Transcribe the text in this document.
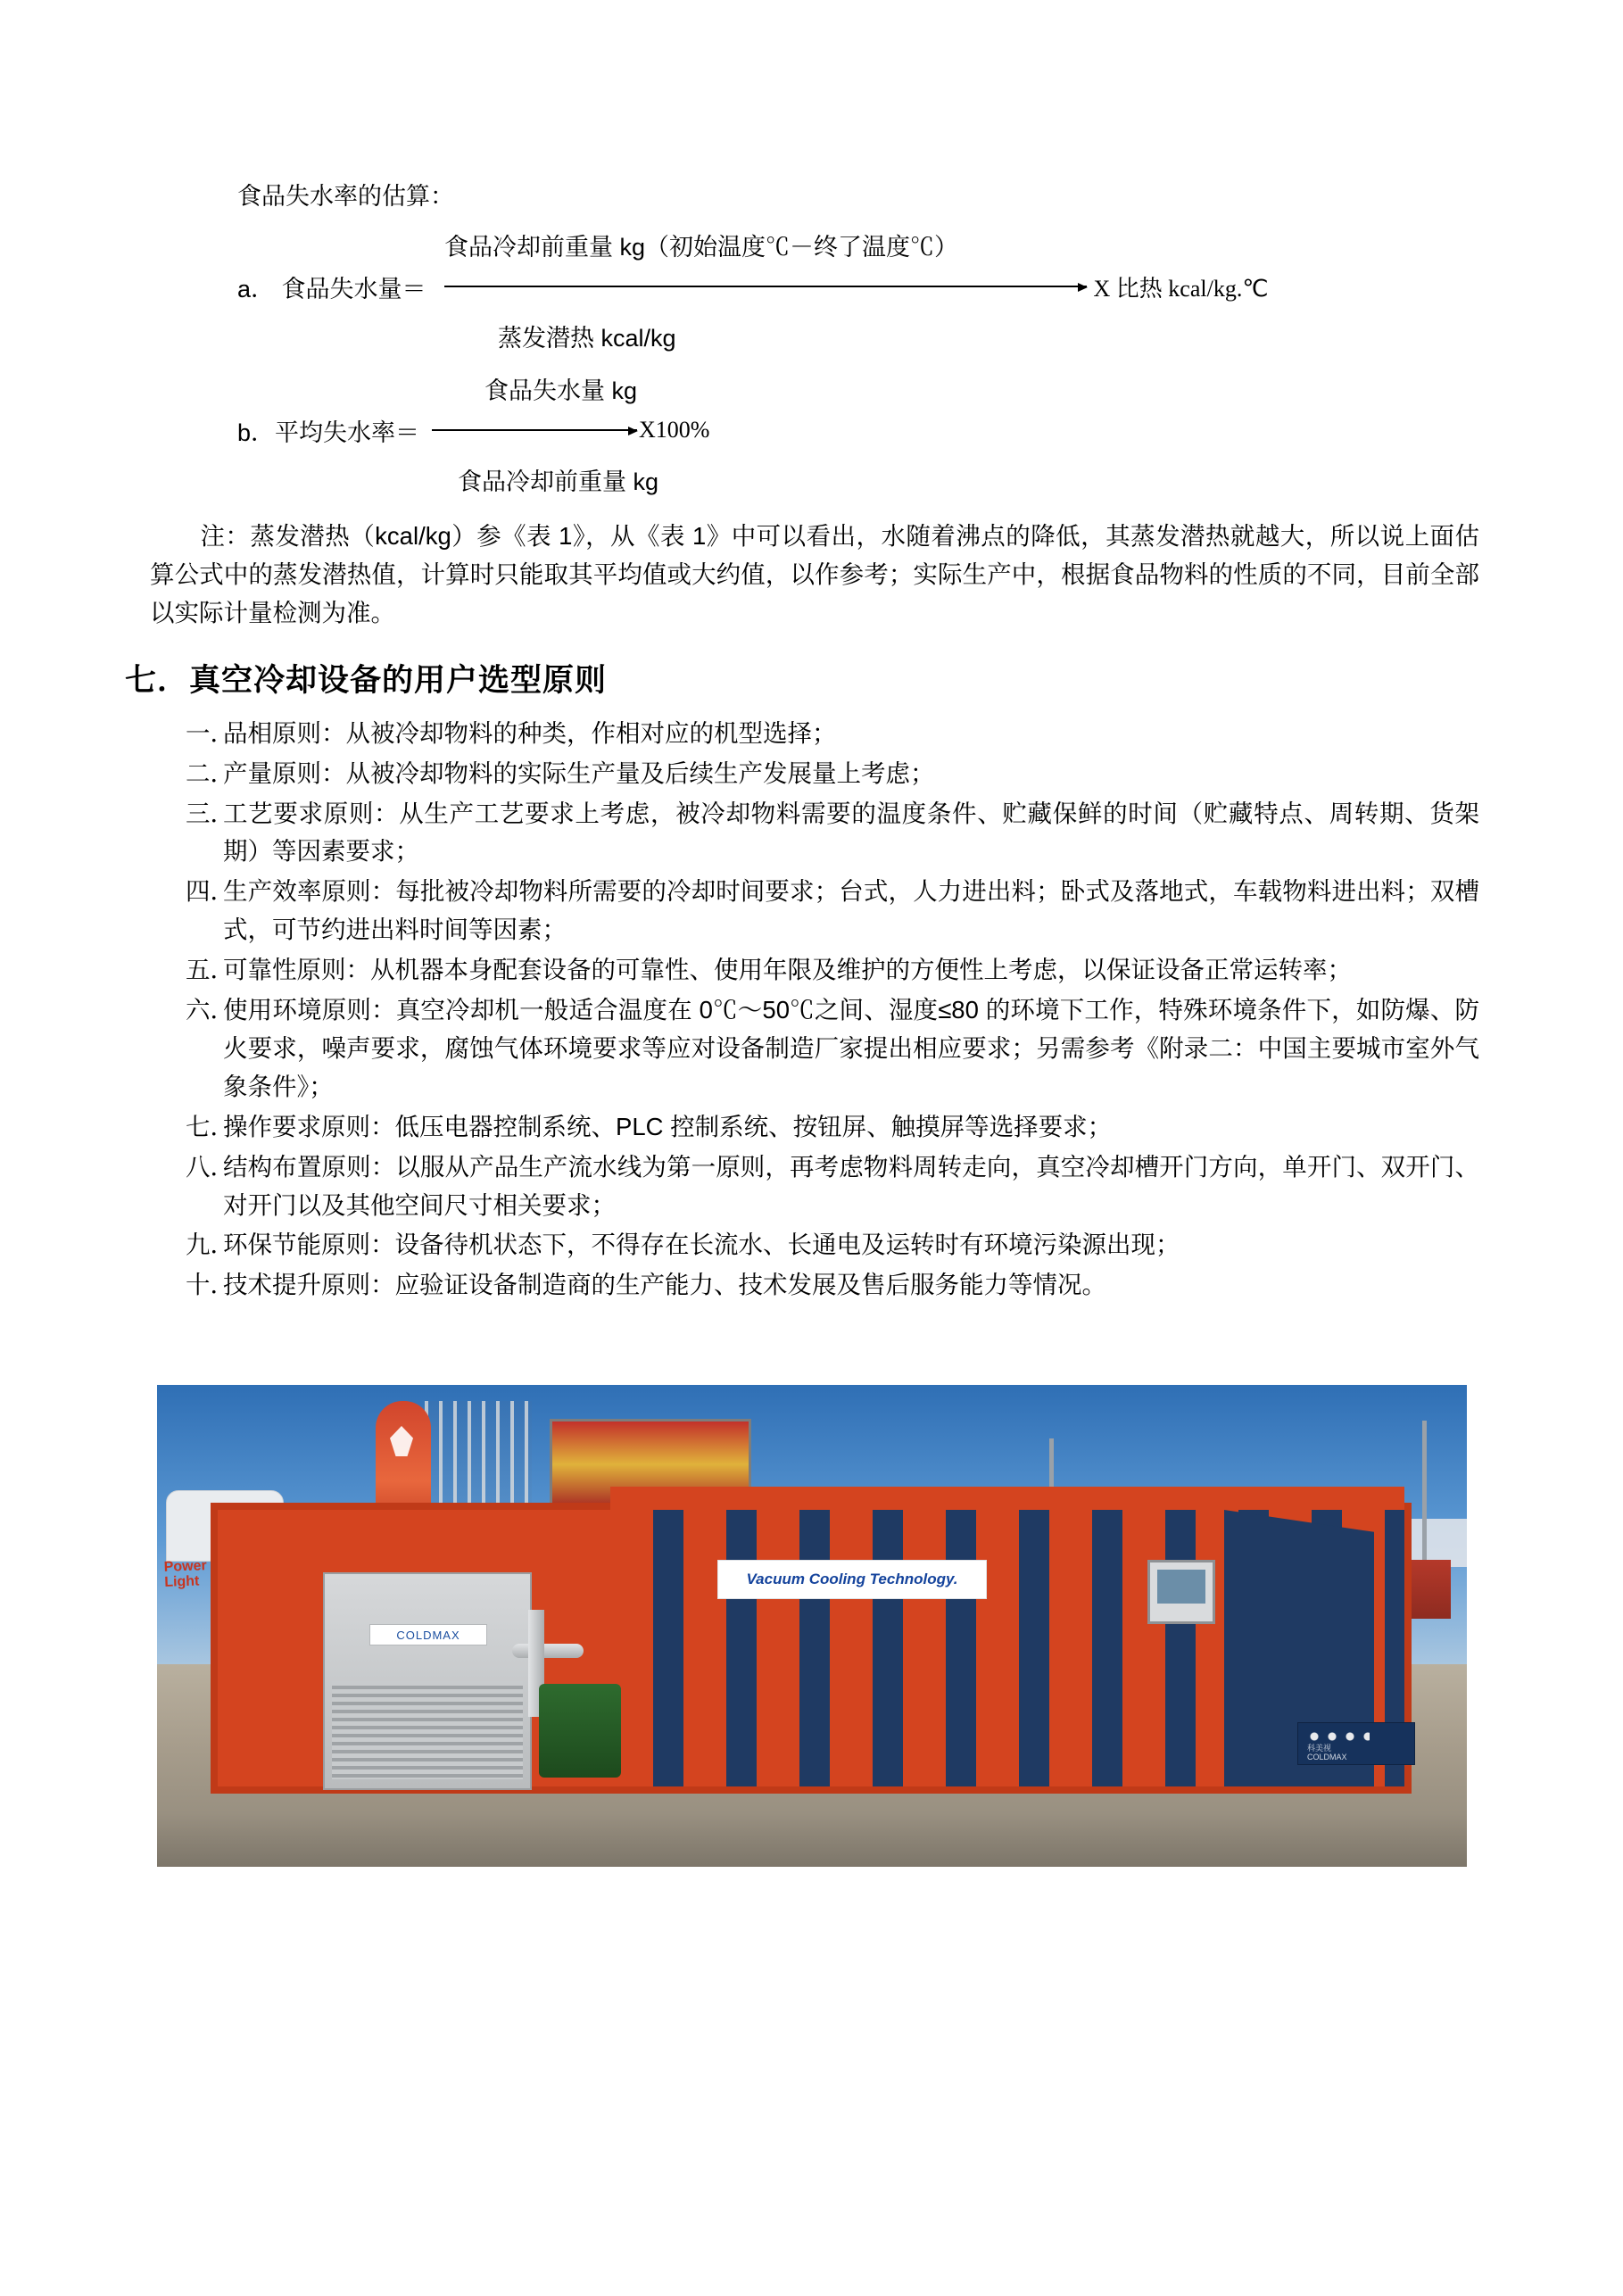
食品失水率的估算：
食品冷却前重量 kg（初始温度℃－终了温度℃）
a． 食品失水量＝	X 比热 kcal/kg.℃
蒸发潜热 kcal/kg
食品失水量 kg
b．平均失水率＝	X100%
食品冷却前重量 kg
注：蒸发潜热（kcal/kg）参《表 1》，从《表 1》中可以看出，水随着沸点的降低，其蒸发潜热就越大，所以说上面估算公式中的蒸发潜热值，计算时只能取其平均值或大约值，以作参考；实际生产中，根据食品物料的性质的不同，目前全部以实际计量检测为准。
七．真空冷却设备的用户选型原则
一．
品相原则：从被冷却物料的种类，作相对应的机型选择；
二．
产量原则：从被冷却物料的实际生产量及后续生产发展量上考虑；
三．
工艺要求原则：从生产工艺要求上考虑，被冷却物料需要的温度条件、贮藏保鲜的时间（贮藏特点、周转期、货架期）等因素要求；
四．
生产效率原则：每批被冷却物料所需要的冷却时间要求；台式，人力进出料；卧式及落地式，车载物料进出料；双槽式，可节约进出料时间等因素；
五．
可靠性原则：从机器本身配套设备的可靠性、使用年限及维护的方便性上考虑，以保证设备正常运转率；
六．
使用环境原则：真空冷却机一般适合温度在 0℃～50℃之间、湿度≤80 的环境下工作，特殊环境条件下，如防爆、防火要求，噪声要求，腐蚀气体环境要求等应对设备制造厂家提出相应要求；另需参考《附录二：中国主要城市室外气象条件》；
七．
操作要求原则：低压电器控制系统、PLC 控制系统、按钮屏、触摸屏等选择要求；
八．
结构布置原则：以服从产品生产流水线为第一原则，再考虑物料周转走向，真空冷却槽开门方向，单开门、双开门、对开门以及其他空间尺寸相关要求；
九．
环保节能原则：设备待机状态下，不得存在长流水、长通电及运转时有环境污染源出现；
十．
技术提升原则：应验证设备制造商的生产能力、技术发展及售后服务能力等情况。
Power
Light	Vacuum Cooling Technology.
COLDMAX
科美视
COLDMAX
